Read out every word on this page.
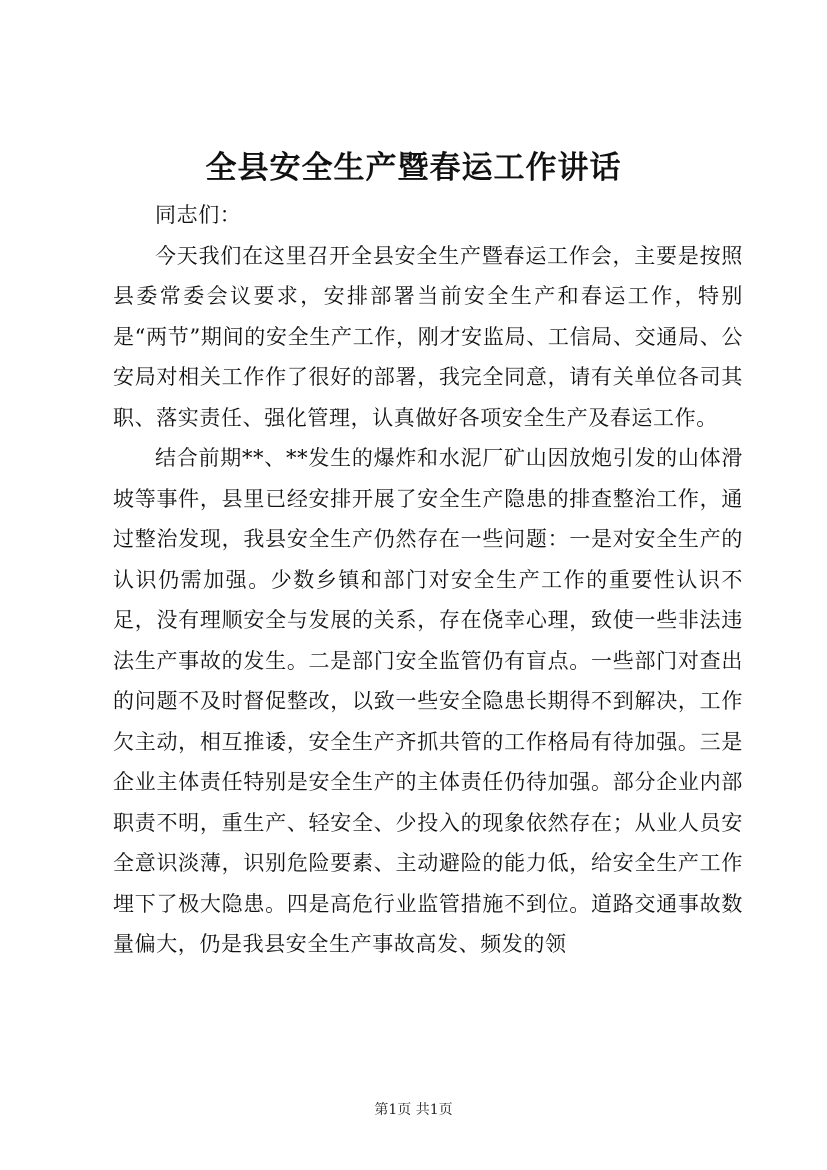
全县安全生产暨春运工作讲话

同志们：

今天我们在这里召开全县安全生产暨春运工作会，主要是按照县委常委会议要求，安排部署当前安全生产和春运工作，特别是“两节”期间的安全生产工作，刚才安监局、工信局、交通局、公安局对相关工作作了很好的部署，我完全同意，请有关单位各司其职、落实责任、强化管理，认真做好各项安全生产及春运工作。

结合前期**、**发生的爆炸和水泥厂矿山因放炮引发的山体滑坡等事件，县里已经安排开展了安全生产隐患的排查整治工作，通过整治发现，我县安全生产仍然存在一些问题：一是对安全生产的认识仍需加强。少数乡镇和部门对安全生产工作的重要性认识不足，没有理顺安全与发展的关系，存在侥幸心理，致使一些非法违法生产事故的发生。二是部门安全监管仍有盲点。一些部门对查出的问题不及时督促整改，以致一些安全隐患长期得不到解决，工作欠主动，相互推诿，安全生产齐抓共管的工作格局有待加强。三是企业主体责任特别是安全生产的主体责任仍待加强。部分企业内部职责不明，重生产、轻安全、少投入的现象依然存在；从业人员安全意识淡薄，识别危险要素、主动避险的能力低，给安全生产工作埋下了极大隐患。四是高危行业监管措施不到位。道路交通事故数量偏大，仍是我县安全生产事故高发、频发的领

第1页 共1页
